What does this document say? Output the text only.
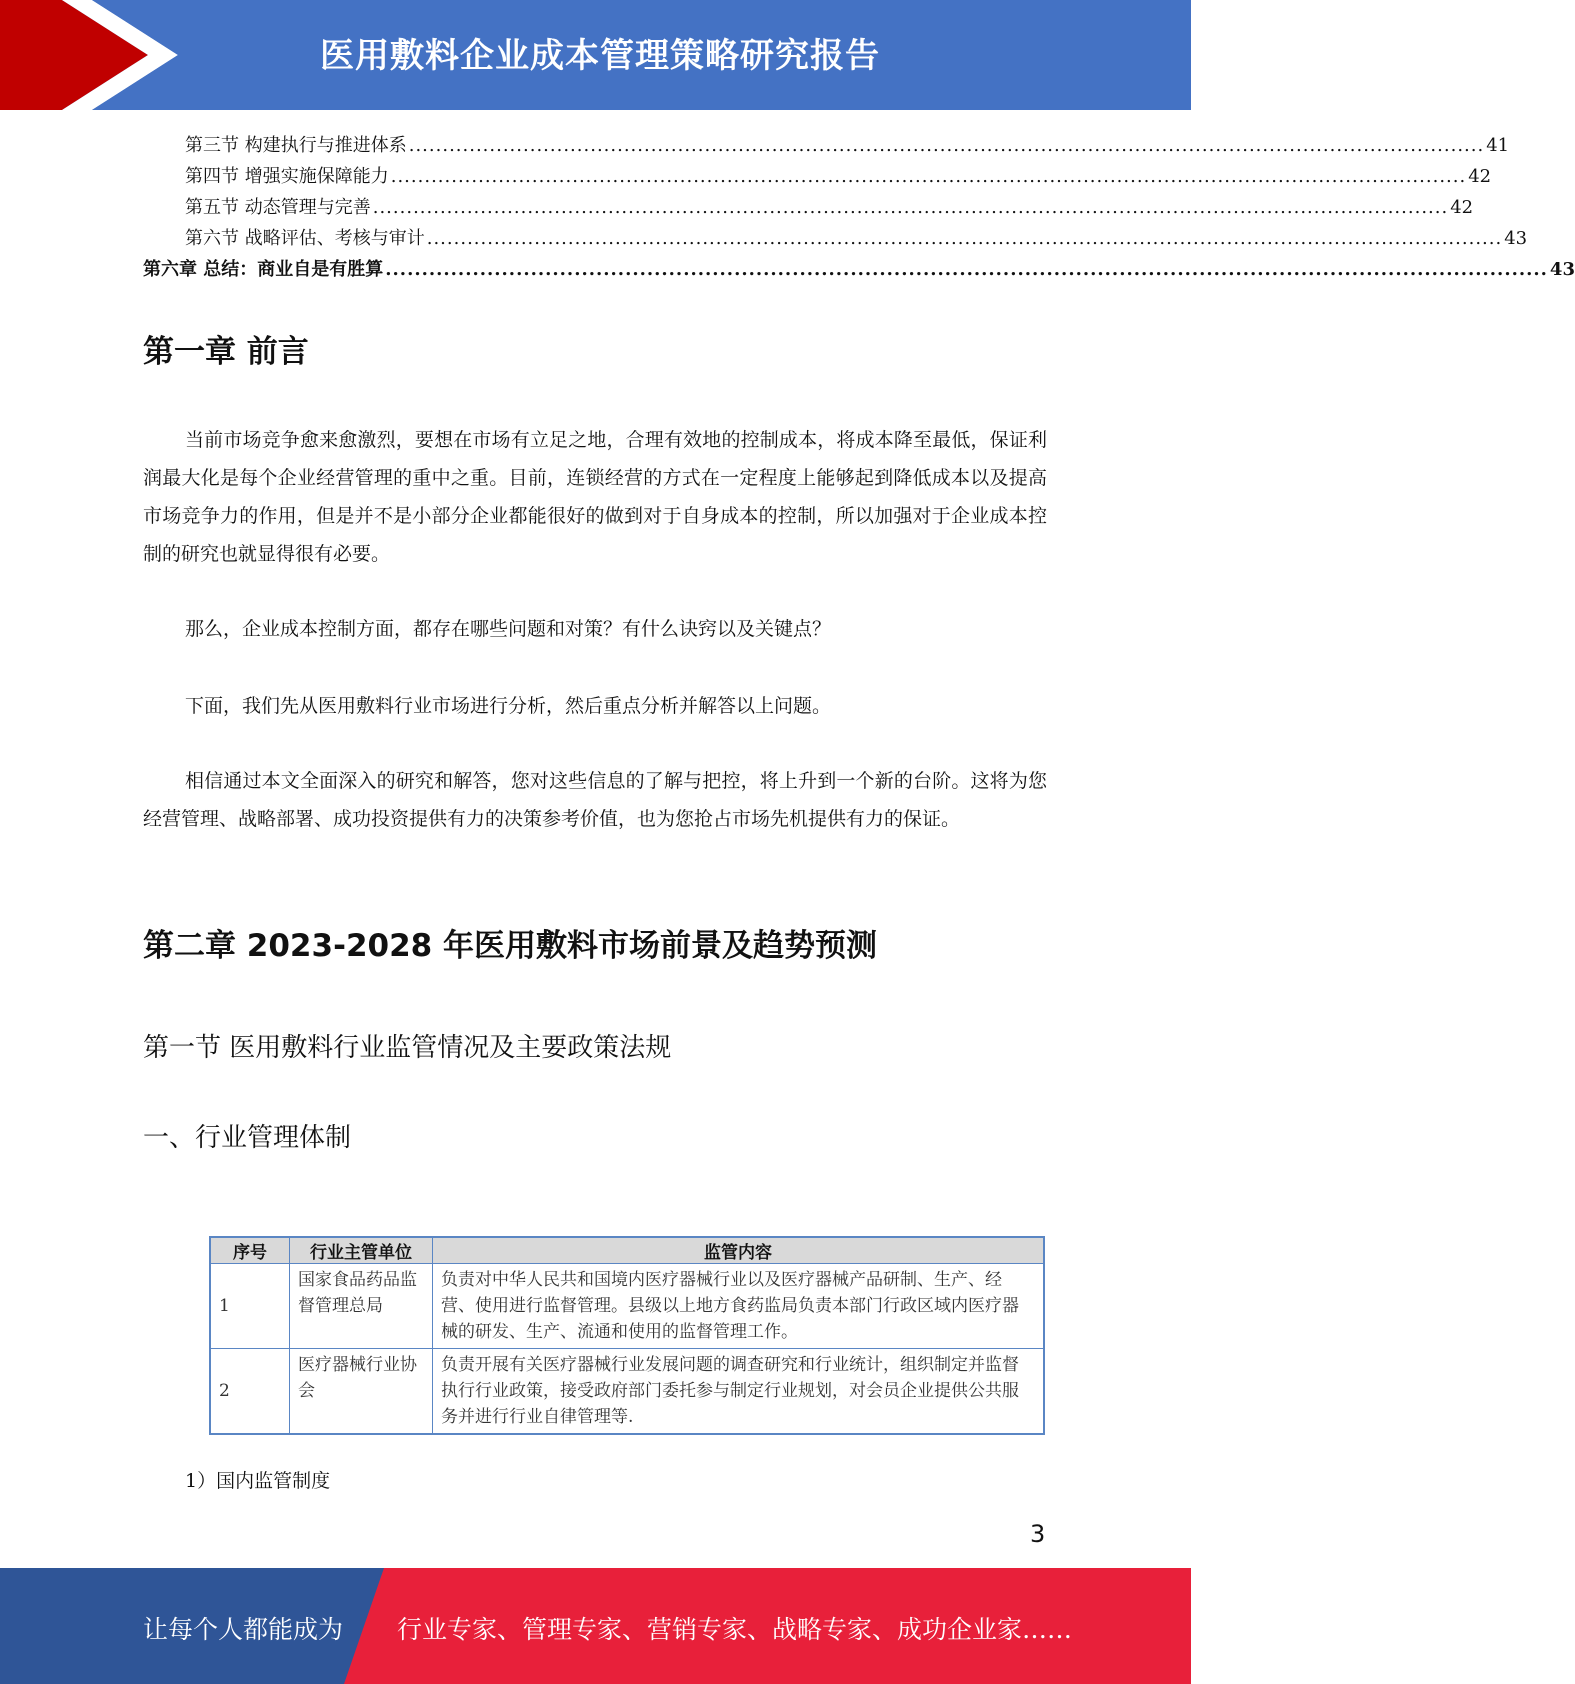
医用敷料企业成本管理策略研究报告
第三节 构建执行与推进体系 ................................................................................................................................................................ 41
第四节 增强实施保障能力 ................................................................................................................................................................ 42
第五节 动态管理与完善 ................................................................................................................................................................ 42
第六节 战略评估、考核与审计 ................................................................................................................................................................ 43
第六章 总结：商业自是有胜算 ................................................................................................................................................................ 43
第一章 前言

当前市场竞争愈来愈激烈，要想在市场有立足之地，合理有效地的控制成本，将成本降至最低，保证利润最大化是每个企业经营管理的重中之重。目前，连锁经营的方式在一定程度上能够起到降低成本以及提高市场竞争力的作用，但是并不是小部分企业都能很好的做到对于自身成本的控制，所以加强对于企业成本控制的研究也就显得很有必要。

那么，企业成本控制方面，都存在哪些问题和对策？有什么诀窍以及关键点？

下面，我们先从医用敷料行业市场进行分析，然后重点分析并解答以上问题。

相信通过本文全面深入的研究和解答，您对这些信息的了解与把控，将上升到一个新的台阶。这将为您经营管理、战略部署、成功投资提供有力的决策参考价值，也为您抢占市场先机提供有力的保证。

第二章 2023-2028 年医用敷料市场前景及趋势预测
第一节 医用敷料行业监管情况及主要政策法规
一、行业管理体制
序号	行业主管单位	监管内容
1	国家食品药品监督管理总局	负责对中华人民共和国境内医疗器械行业以及医疗器械产品研制、生产、经营、使用进行监督管理。县级以上地方食药监局负责本部门行政区域内医疗器械的研发、生产、流通和使用的监督管理工作。
2	医疗器械行业协会	负责开展有关医疗器械行业发展问题的调查研究和行业统计，组织制定并监督执行行业政策，接受政府部门委托参与制定行业规划，对会员企业提供公共服务并进行行业自律管理等.
1）国内监管制度
3
让每个人都能成为 行业专家、管理专家、营销专家、战略专家、成功企业家……
